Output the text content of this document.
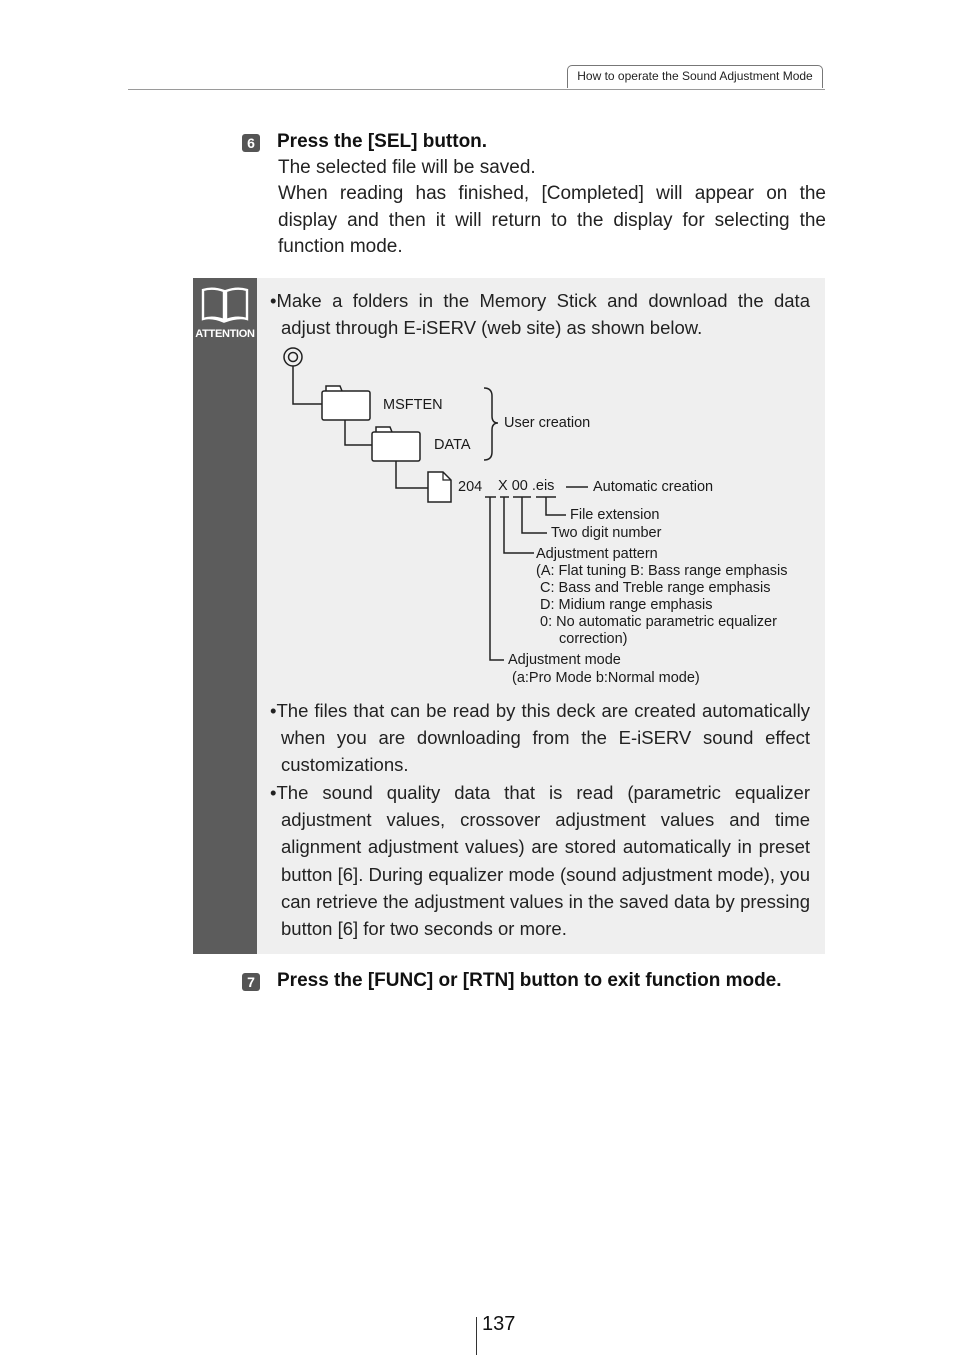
How to operate the Sound Adjustment Mode
6 Press the [SEL] button.

The selected file will be saved.

When reading has finished, [Completed] will appear on the display and then it will return to the display for selecting the function mode.

ATTENTION

•Make a folders in the Memory Stick and download the data adjust through E-iSERV (web site) as shown below.

MSFTEN
DATA
User creation
204 X 00 .eis	Automatic creation
File extension
Two digit number
Adjustment pattern
(A: Flat tuning B: Bass range emphasis
C: Bass and Treble range emphasis
D: Midium range emphasis
0: No automatic parametric equalizer
correction)
Adjustment mode
(a:Pro Mode b:Normal mode)

•The files that can be read by this deck are created automatically when you are downloading from the E-iSERV sound effect customizations.

•The sound quality data that is read (parametric equalizer adjustment values, crossover adjustment values and time alignment adjustment values) are stored automatically in preset button [6]. During equalizer mode (sound adjustment mode), you can retrieve the adjustment values in the saved data by pressing button [6] for two seconds or more.

7 Press the [FUNC] or [RTN] button to exit function mode.
137
